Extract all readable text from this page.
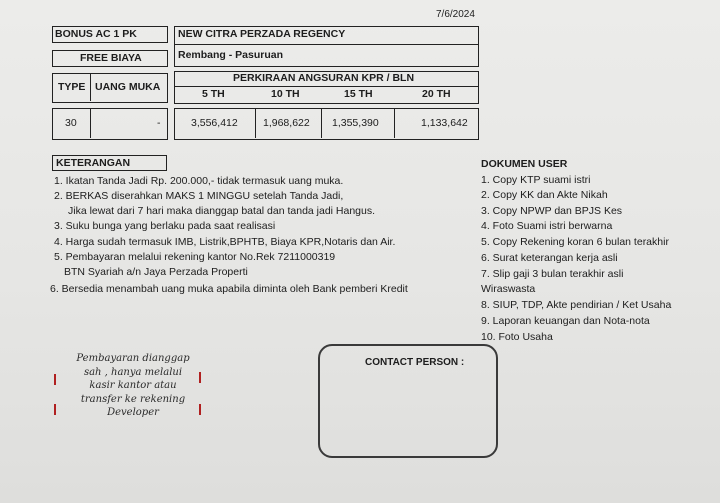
7/6/2024
BONUS AC 1 PK
FREE BIAYA
TYPE UANG MUKA
30	-
NEW CITRA PERZADA REGENCY
Rembang - Pasuruan
PERKIRAAN ANGSURAN KPR / BLN
5 TH	10 TH	15 TH	20 TH
3,556,412 1,968,622 1,355,390	1,133,642
KETERANGAN
1. Ikatan Tanda Jadi Rp. 200.000,- tidak termasuk uang muka.
2. BERKAS diserahkan MAKS 1 MINGGU setelah Tanda Jadi,
Jika lewat dari 7 hari maka dianggap batal dan tanda jadi Hangus.
3. Suku bunga yang berlaku pada saat realisasi
4. Harga sudah termasuk IMB, Listrik,BPHTB, Biaya KPR,Notaris dan Air.
5. Pembayaran melalui rekening kantor No.Rek 7211000319
BTN Syariah a/n Jaya Perzada Properti
6. Bersedia menambah uang muka apabila diminta oleh Bank pemberi Kredit
DOKUMEN USER
1. Copy KTP suami istri
2. Copy KK dan Akte Nikah
3. Copy NPWP dan BPJS Kes
4. Foto Suami istri berwarna
5. Copy Rekening koran 6 bulan terakhir
6. Surat keterangan kerja asli
7. Slip gaji 3 bulan terakhir asli
Wiraswasta
8. SIUP, TDP, Akte pendirian / Ket Usaha
9. Laporan keuangan dan Nota-nota
10. Foto Usaha
Pembayaran dianggap
sah , hanya melalui
kasir kantor atau
transfer ke rekening
Developer
CONTACT PERSON :
